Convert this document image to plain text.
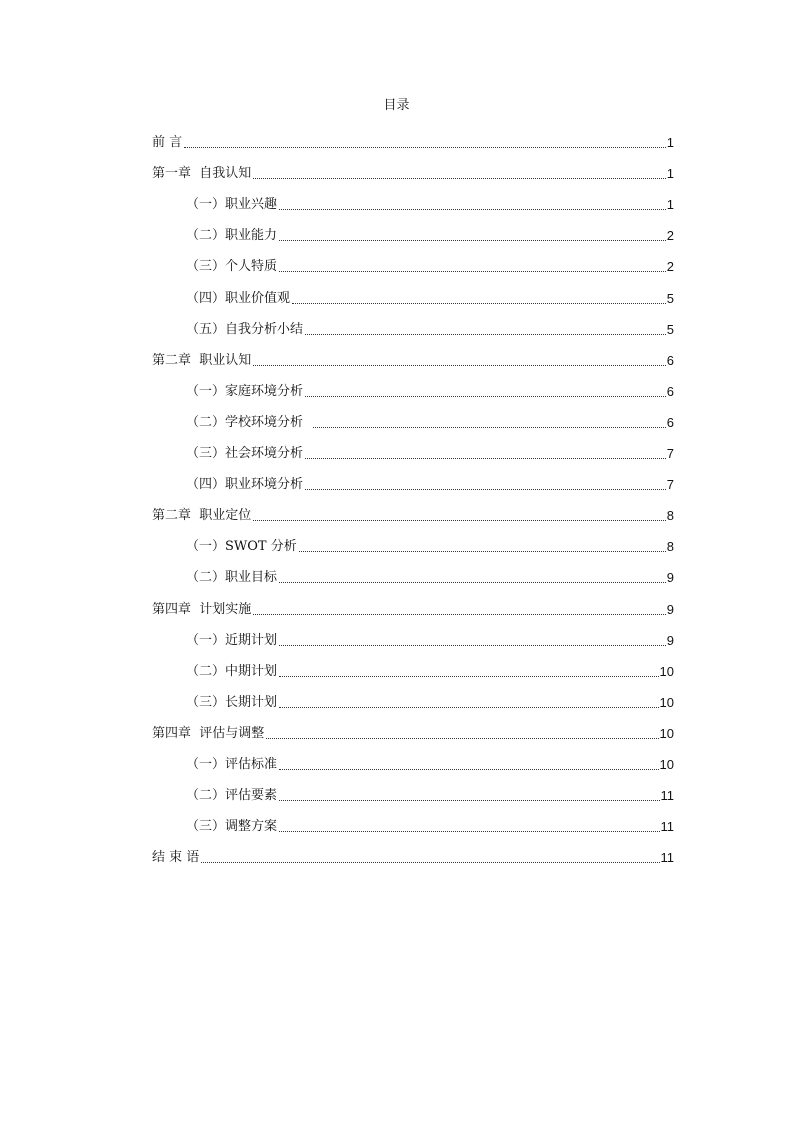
目录
前 言	1
第一章  自我认知	1
（一）职业兴趣	1
（二）职业能力	2
（三）个人特质	2
（四）职业价值观	5
（五）自我分析小结	5
第二章  职业认知	6
（一）家庭环境分析	6
（二）学校环境分析	6
（三）社会环境分析	7
（四）职业环境分析	7
第二章  职业定位	8
（一）SWOT 分析	8
（二）职业目标	9
第四章  计划实施	9
（一）近期计划	9
（二）中期计划	10
（三）长期计划	10
第四章  评估与调整	10
（一）评估标准	10
（二）评估要素	11
（三）调整方案	11
结 束 语	11
